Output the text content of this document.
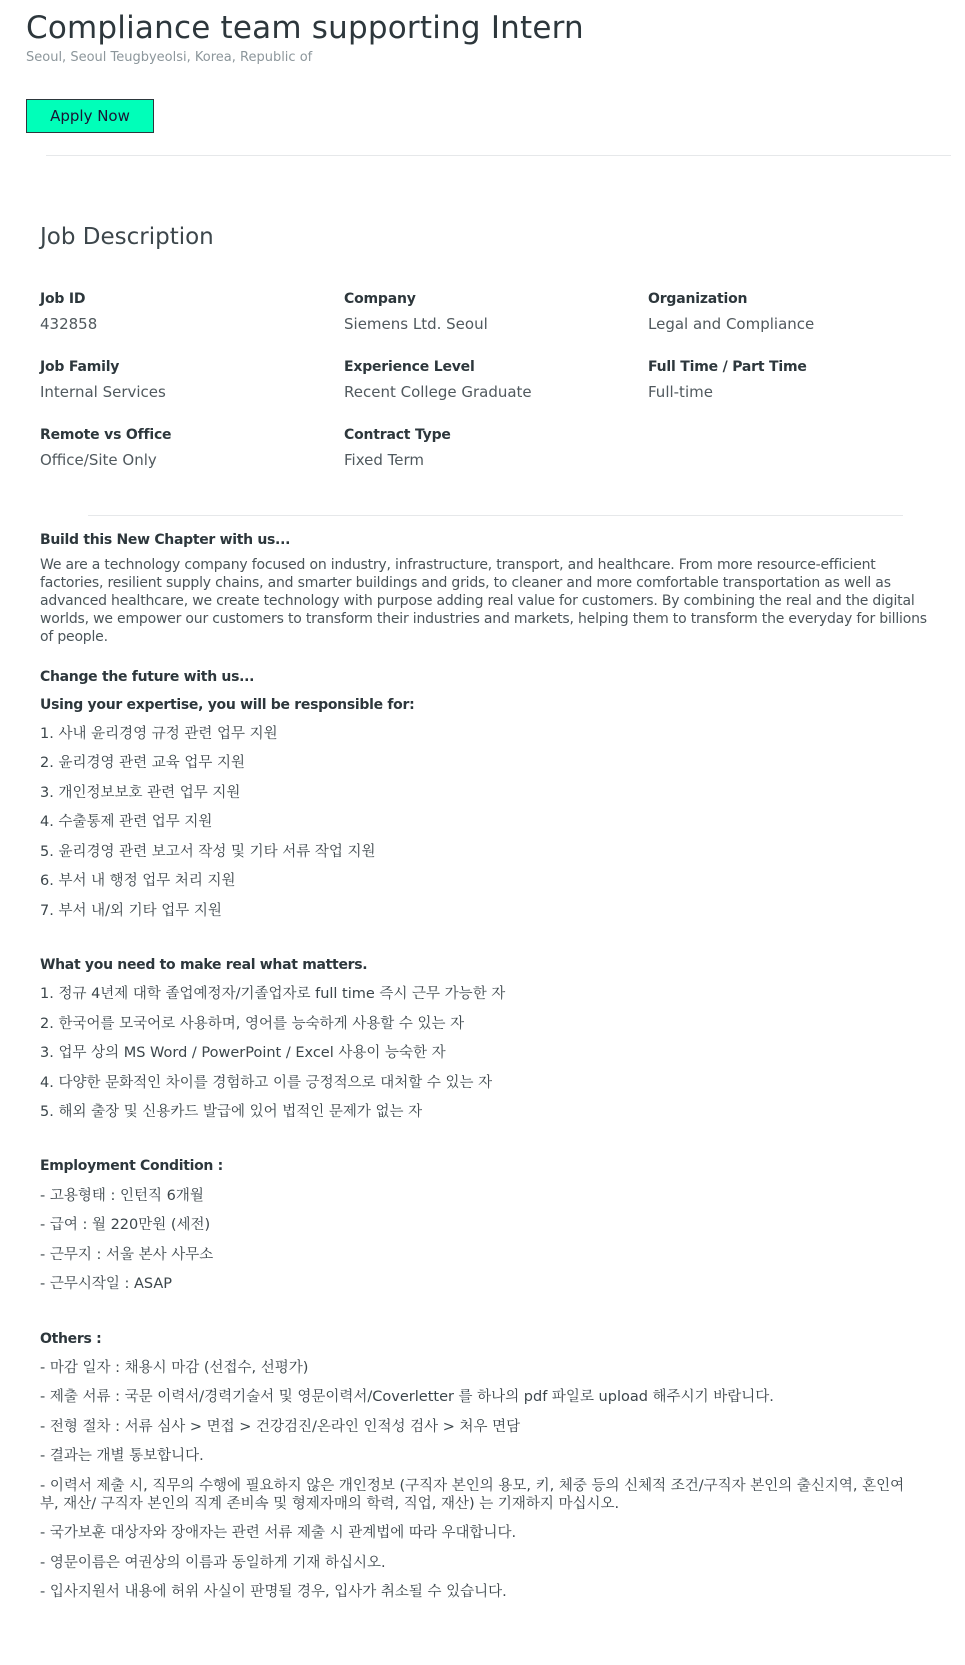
Compliance team supporting Intern
Seoul, Seoul Teugbyeolsi, Korea, Republic of
Apply Now
Job Description
Job ID
432858
Company
Siemens Ltd. Seoul
Organization
Legal and Compliance
Job Family
Internal Services
Experience Level
Recent College Graduate
Full Time / Part Time
Full-time
Remote vs Office
Office/Site Only
Contract Type
Fixed Term
Build this New Chapter with us...
We are a technology company focused on industry, infrastructure, transport, and healthcare. From more resource-efficient factories, resilient supply chains, and smarter buildings and grids, to cleaner and more comfortable transportation as well as advanced healthcare, we create technology with purpose adding real value for customers. By combining the real and the digital worlds, we empower our customers to transform their industries and markets, helping them to transform the everyday for billions of people.
Change the future with us...
Using your expertise, you will be responsible for:
1. 사내 윤리경영 규정 관련 업무 지원
2. 윤리경영 관련 교육 업무 지원
3. 개인정보보호 관련 업무 지원
4. 수출통제 관련 업무 지원
5. 윤리경영 관련 보고서 작성 및 기타 서류 작업 지원
6. 부서 내 행정 업무 처리 지원
7. 부서 내/외 기타 업무 지원
What you need to make real what matters.
1. 정규 4년제 대학 졸업예정자/기졸업자로 full time 즉시 근무 가능한 자
2. 한국어를 모국어로 사용하며, 영어를 능숙하게 사용할 수 있는 자
3. 업무 상의 MS Word / PowerPoint / Excel 사용이 능숙한 자
4. 다양한 문화적인 차이를 경험하고 이를 긍정적으로 대처할 수 있는 자
5. 해외 출장 및 신용카드 발급에 있어 법적인 문제가 없는 자
Employment Condition :
- 고용형태 : 인턴직 6개월
- 급여 : 월 220만원 (세전)
- 근무지 : 서울 본사 사무소
- 근무시작일 : ASAP
Others :
- 마감 일자 : 채용시 마감 (선접수, 선평가)
- 제출 서류 : 국문 이력서/경력기술서 및 영문이력서/Coverletter 를 하나의 pdf 파일로 upload 해주시기 바랍니다.
- 전형 절차 : 서류 심사 > 면접 > 건강검진/온라인 인적성 검사 > 처우 면담
- 결과는 개별 통보합니다.
- 이력서 제출 시, 직무의 수행에 필요하지 않은 개인정보 (구직자 본인의 용모, 키, 체중 등의 신체적 조건/구직자 본인의 출신지역, 혼인여부, 재산/ 구직자 본인의 직계 존비속 및 형제자매의 학력, 직업, 재산) 는 기재하지 마십시오.
- 국가보훈 대상자와 장애자는 관련 서류 제출 시 관계법에 따라 우대합니다.
- 영문이름은 여권상의 이름과 동일하게 기재 하십시오.
- 입사지원서 내용에 허위 사실이 판명될 경우, 입사가 취소될 수 있습니다.
